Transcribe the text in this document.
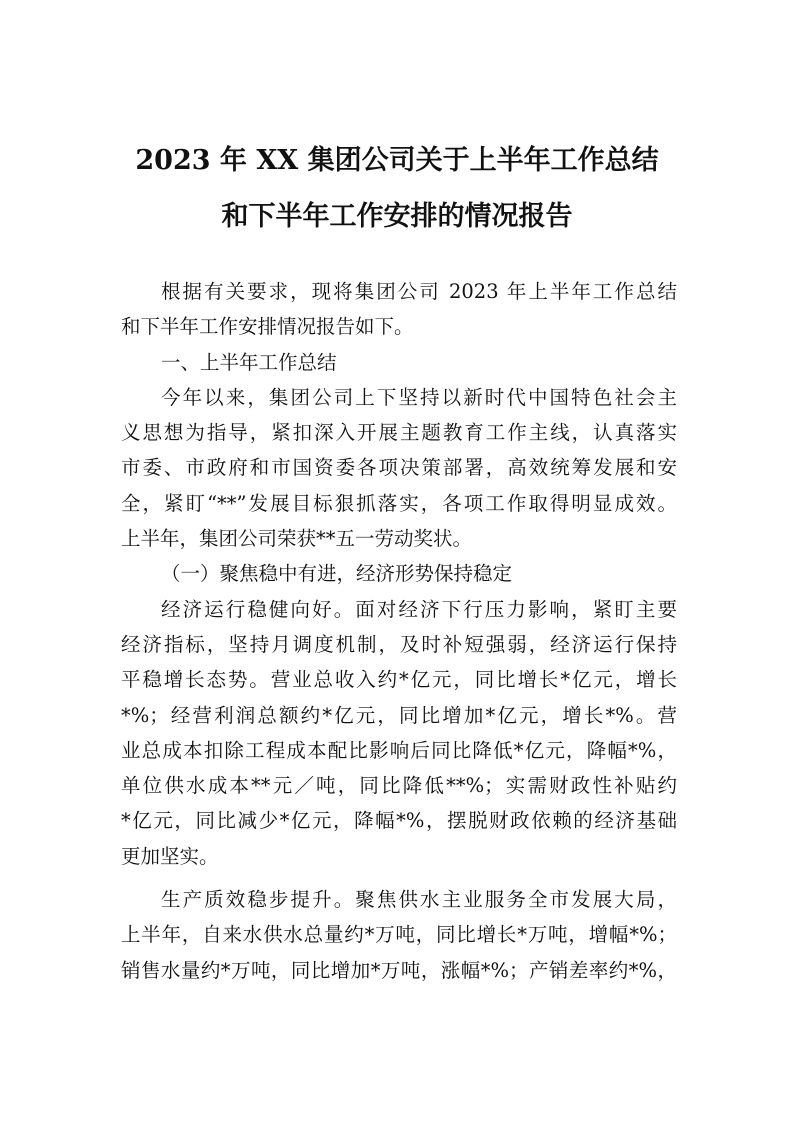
2023 年 XX 集团公司关于上半年工作总结
和下半年工作安排的情况报告
根据有关要求，现将集团公司 2023 年上半年工作总结
和下半年工作安排情况报告如下。
一、上半年工作总结
今年以来，集团公司上下坚持以新时代中国特色社会主
义思想为指导，紧扣深入开展主题教育工作主线，认真落实
市委、市政府和市国资委各项决策部署，高效统筹发展和安
全，紧盯“**”发展目标狠抓落实，各项工作取得明显成效。
上半年，集团公司荣获**五一劳动奖状。
（一）聚焦稳中有进，经济形势保持稳定
经济运行稳健向好。面对经济下行压力影响，紧盯主要
经济指标，坚持月调度机制，及时补短强弱，经济运行保持
平稳增长态势。营业总收入约*亿元，同比增长*亿元，增长
*%；经营利润总额约*亿元，同比增加*亿元，增长*%。营
业总成本扣除工程成本配比影响后同比降低*亿元，降幅*%，
单位供水成本**元／吨，同比降低**%；实需财政性补贴约
*亿元，同比减少*亿元，降幅*%，摆脱财政依赖的经济基础
更加坚实。
生产质效稳步提升。聚焦供水主业服务全市发展大局，
上半年，自来水供水总量约*万吨，同比增长*万吨，增幅*%；
销售水量约*万吨，同比增加*万吨，涨幅*%；产销差率约*%，
